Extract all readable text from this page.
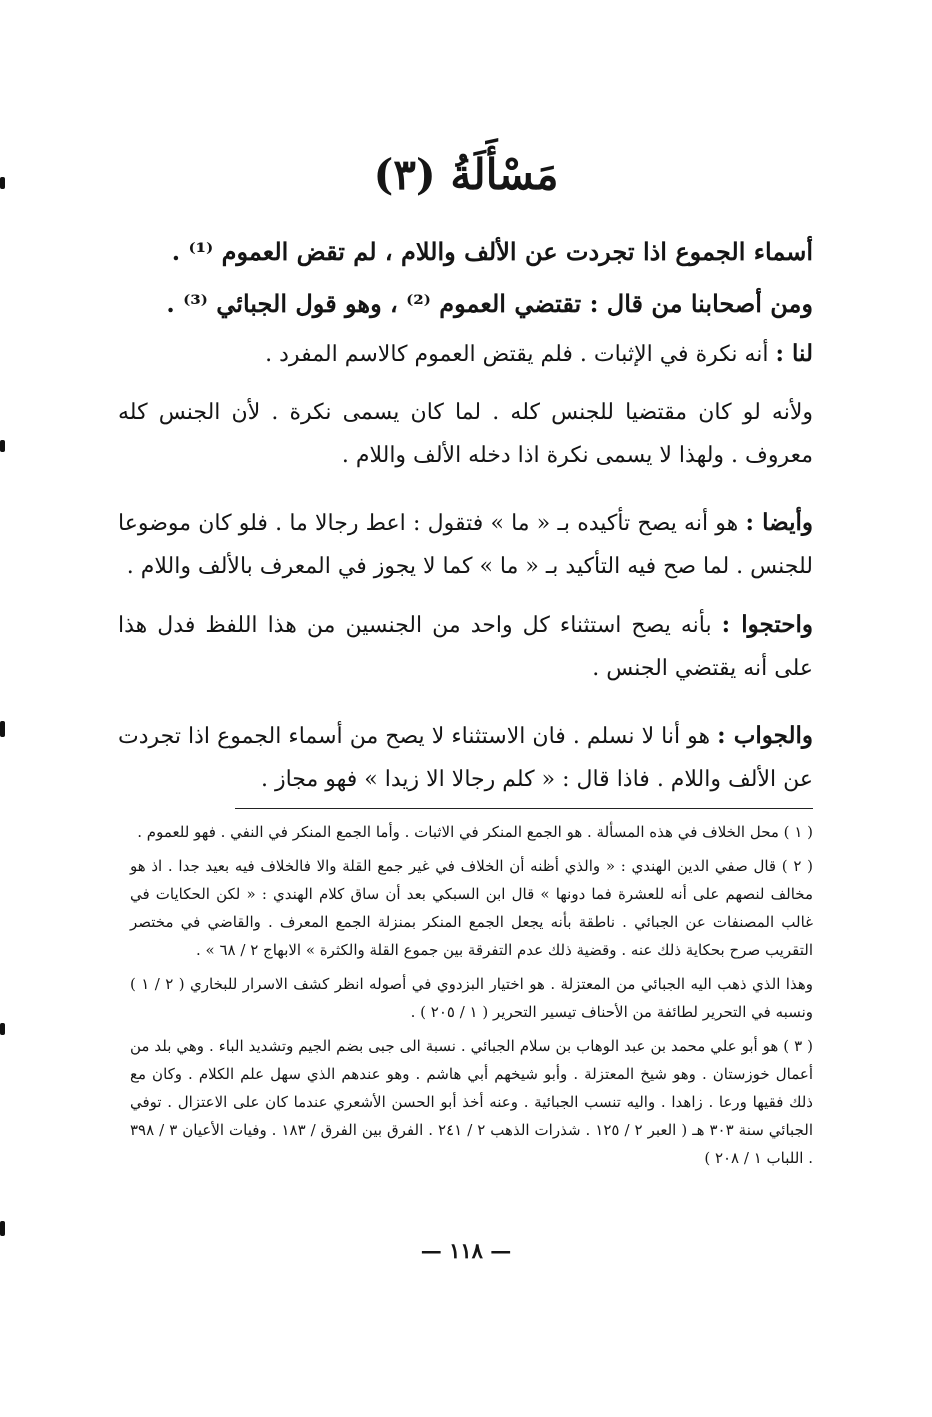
مَسْأَلَةُ (٣)

أسماء الجموع اذا تجردت عن الألف واللام ، لم تقض العموم ⁽¹⁾ .

ومن أصحابنا من قال : تقتضي العموم ⁽²⁾ ، وهو قول الجبائي ⁽³⁾ .

لنا : أنه نكرة في الإثبات . فلم يقتض العموم كالاسم المفرد .

ولأنه لو كان مقتضيا للجنس كله . لما كان يسمى نكرة . لأن الجنس كله معروف . ولهذا لا يسمى نكرة اذا دخله الألف واللام .

وأيضا : هو أنه يصح تأكيده بـ « ما » فتقول : اعط رجالا ما . فلو كان موضوعا للجنس . لما صح فيه التأكيد بـ « ما » كما لا يجوز في المعرف بالألف واللام .

واحتجوا : بأنه يصح استثناء كل واحد من الجنسين من هذا اللفظ فدل هذا على أنه يقتضي الجنس .

والجواب : هو أنا لا نسلم . فان الاستثناء لا يصح من أسماء الجموع اذا تجردت عن الألف واللام . فاذا قال : « كلم رجالا الا زيدا » فهو مجاز .

( ١ ) محل الخلاف في هذه المسألة . هو الجمع المنكر في الاثبات . وأما الجمع المنكر في النفي . فهو للعموم .

( ٢ ) قال صفي الدين الهندي : « والذي أظنه أن الخلاف في غير جمع القلة والا فالخلاف فيه بعيد جدا . اذ هو مخالف لنصهم على أنه للعشرة فما دونها » قال ابن السبكي بعد أن ساق كلام الهندي : « لكن الحكايات في غالب المصنفات عن الجبائي . ناطقة بأنه يجعل الجمع المنكر بمنزلة الجمع المعرف . والقاضي في مختصر التقريب صرح بحكاية ذلك عنه . وقضية ذلك عدم التفرقة بين جموع القلة والكثرة » الابهاج ٢ / ٦٨ » .

وهذا الذي ذهب اليه الجبائي من المعتزلة . هو اختيار البزدوي في أصوله انظر كشف الاسرار للبخاري ( ٢ / ١ ) ونسبه في التحرير لطائفة من الأحناف تيسير التحرير ( ١ / ٢٠٥ ) .

( ٣ ) هو أبو علي محمد بن عبد الوهاب بن سلام الجبائي . نسبة الى جبى بضم الجيم وتشديد الباء . وهي بلد من أعمال خوزستان . وهو شيخ المعتزلة . وأبو شيخهم أبي هاشم . وهو عندهم الذي سهل علم الكلام . وكان مع ذلك فقيها ورعا . زاهدا . واليه تنسب الجبائية . وعنه أخذ أبو الحسن الأشعري عندما كان على الاعتزال . توفي الجبائي سنة ٣٠٣ هـ ( العبر ٢ / ١٢٥ . شذرات الذهب ٢ / ٢٤١ . الفرق بين الفرق / ١٨٣ . وفيات الأعيان ٣ / ٣٩٨ . اللباب ١ / ٢٠٨ )

— ١١٨ —
